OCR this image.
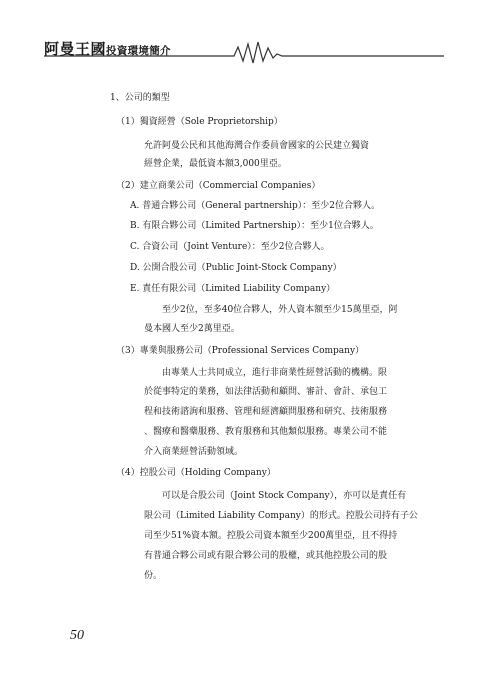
阿曼王國投資環境簡介
1、公司的類型
（1）獨資經營（Sole Proprietorship）
允許阿曼公民和其他海灣合作委員會國家的公民建立獨資
經營企業，最低資本額3,000里亞。
（2）建立商業公司（Commercial Companies）
A. 普通合夥公司（General partnership）：至少2位合夥人。
B. 有限合夥公司（Limited Partnership）：至少1位合夥人。
C. 合資公司（Joint Venture）：至少2位合夥人。
D. 公開合股公司（Public Joint-Stock Company）
E. 責任有限公司（Limited Liability Company）
至少2位，至多40位合夥人，外人資本額至少15萬里亞，阿
曼本國人至少2萬里亞。
（3）專業與服務公司（Professional Services Company）
由專業人士共同成立，進行非商業性經營活動的機構。限
於從事特定的業務，如法律活動和顧問、審計、會計、承包工
程和技術諮詢和服務、管理和經濟顧問服務和研究、技術服務
、醫療和醫藥服務、教育服務和其他類似服務。專業公司不能
介入商業經營活動領域。
（4）控股公司（Holding Company）
可以是合股公司（Joint Stock Company），亦可以是責任有
限公司（Limited Liability Company）的形式。控股公司持有子公
司至少51%資本額。控股公司資本額至少200萬里亞，且不得持
有普通合夥公司或有限合夥公司的股權，或其他控股公司的股
份。
50
